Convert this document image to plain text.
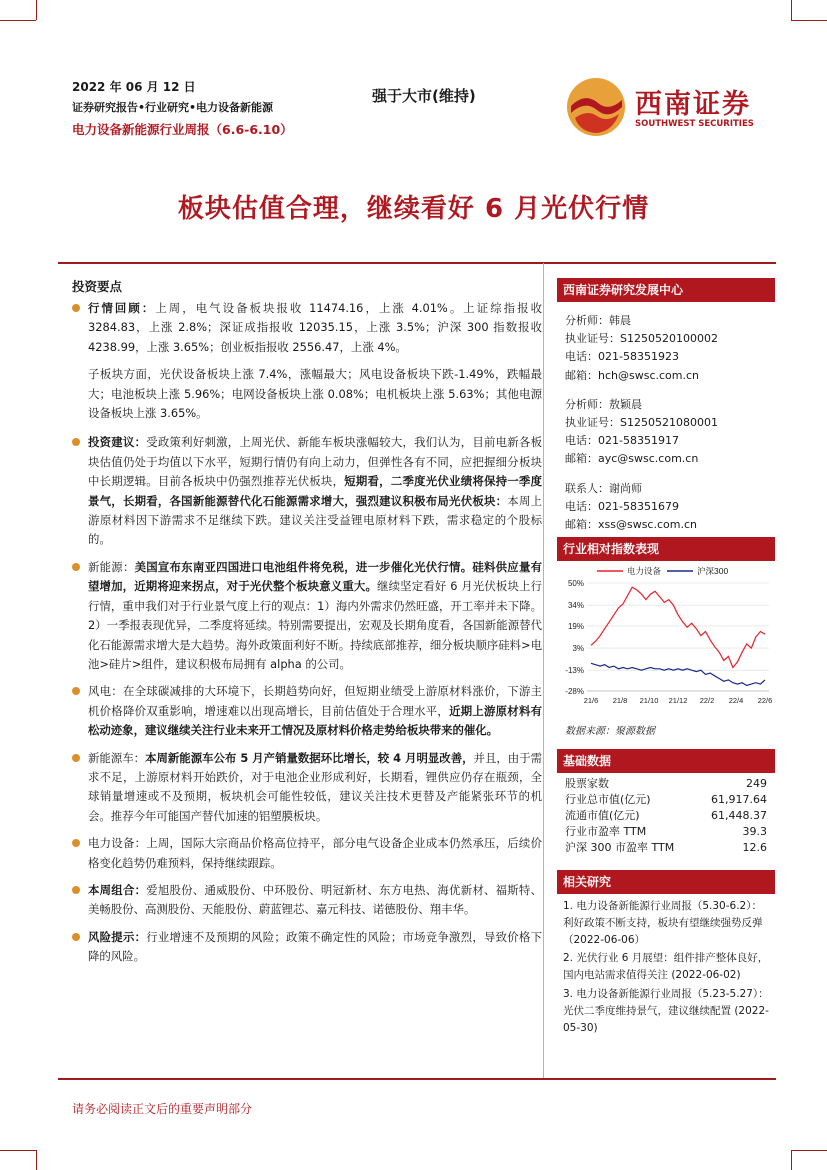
2022 年 06 月 12 日
证券研究报告•行业研究•电力设备新能源
电力设备新能源行业周报（6.6-6.10）
强于大市(维持)	西南证券
SOUTHWEST SECURITIES
板块估值合理，继续看好 6 月光伏行情
投资要点
行情回顾：上周，电气设备板块报收 11474.16，上涨 4.01%。上证综指报收 3284.83，上涨 2.8%；深证成指报收 12035.15，上涨 3.5%；沪深 300 指数报收 4238.99，上涨 3.65%；创业板指报收 2556.47，上涨 4%。
子板块方面，光伏设备板块上涨 7.4%，涨幅最大；风电设备板块下跌-1.49%，跌幅最大；电池板块上涨 5.96%；电网设备板块上涨 0.08%；电机板块上涨 5.63%；其他电源设备板块上涨 3.65%。
投资建议：受政策利好刺激，上周光伏、新能车板块涨幅较大，我们认为，目前电新各板块估值仍处于均值以下水平，短期行情仍有向上动力，但弹性各有不同，应把握细分板块中长期逻辑。目前各板块中仍强烈推荐光伏板块，短期看，二季度光伏业绩将保持一季度景气，长期看，各国新能源替代化石能源需求增大，强烈建议积极布局光伏板块：本周上游原材料因下游需求不足继续下跌。建议关注受益锂电原材料下跌，需求稳定的个股标的。
新能源：美国宣布东南亚四国进口电池组件将免税，进一步催化光伏行情。硅料供应量有望增加，近期将迎来拐点，对于光伏整个板块意义重大。继续坚定看好 6 月光伏板块上行行情，重申我们对于行业景气度上行的观点：1）海内外需求仍然旺盛，开工率并未下降。2）一季报表现优异，二季度将延续。特别需要提出，宏观及长期角度看，各国新能源替代化石能源需求增大是大趋势。海外政策面利好不断。持续底部推荐，细分板块顺序硅料>电池>硅片>组件，建议积极布局拥有 alpha 的公司。
风电：在全球碳减排的大环境下，长期趋势向好，但短期业绩受上游原材料涨价，下游主机价格降价双重影响，增速难以出现高增长，目前估值处于合理水平，近期上游原材料有松动迹象，建议继续关注行业未来开工情况及原材料价格走势给板块带来的催化。
新能源车：本周新能源车公布 5 月产销量数据环比增长，较 4 月明显改善，并且，由于需求不足，上游原材料开始跌价，对于电池企业形成利好，长期看，锂供应仍存在瓶颈，全球销量增速或不及预期，板块机会可能性较低，建议关注技术更替及产能紧张环节的机会。推荐今年可能国产替代加速的铝塑膜板块。
电力设备：上周，国际大宗商品价格高位持平，部分电气设备企业成本仍然承压，后续价格变化趋势仍难预料，保持继续跟踪。
本周组合：爱旭股份、通威股份、中环股份、明冠新材、东方电热、海优新材、福斯特、美畅股份、高测股份、天能股份、蔚蓝锂芯、嘉元科技、诺德股份、翔丰华。
风险提示：行业增速不及预期的风险；政策不确定性的风险；市场竞争激烈，导致价格下降的风险。
西南证券研究发展中心
分析师：韩晨
执业证号：S1250520100002
电话：021-58351923
邮箱：hch@swsc.com.cn
分析师：敖颖晨
执业证号：S1250521080001
电话：021-58351917
邮箱：ayc@swsc.com.cn
联系人：谢尚师
电话：021-58351679
邮箱：xss@swsc.com.cn
行业相对指数表现
50%
34%
19%
3%
-13%
-28%
21/6 21/8 21/10 21/12 22/2 22/4 22/6
电力设备	沪深300
数据来源：聚源数据
基础数据
股票家数	249
行业总市值(亿元)	61,917.64
流通市值(亿元)	61,448.37
行业市盈率 TTM	39.3
沪深 300 市盈率 TTM	12.6
相关研究
1. 电力设备新能源行业周报（5.30-6.2）：利好政策不断支持，板块有望继续强势反弹 （2022-06-06）
2. 光伏行业 6 月展望：组件排产整体良好，国内电站需求值得关注 (2022-06-02)
3. 电力设备新能源行业周报（5.23-5.27）：光伏二季度维持景气，建议继续配置 (2022-05-30)
请务必阅读正文后的重要声明部分
